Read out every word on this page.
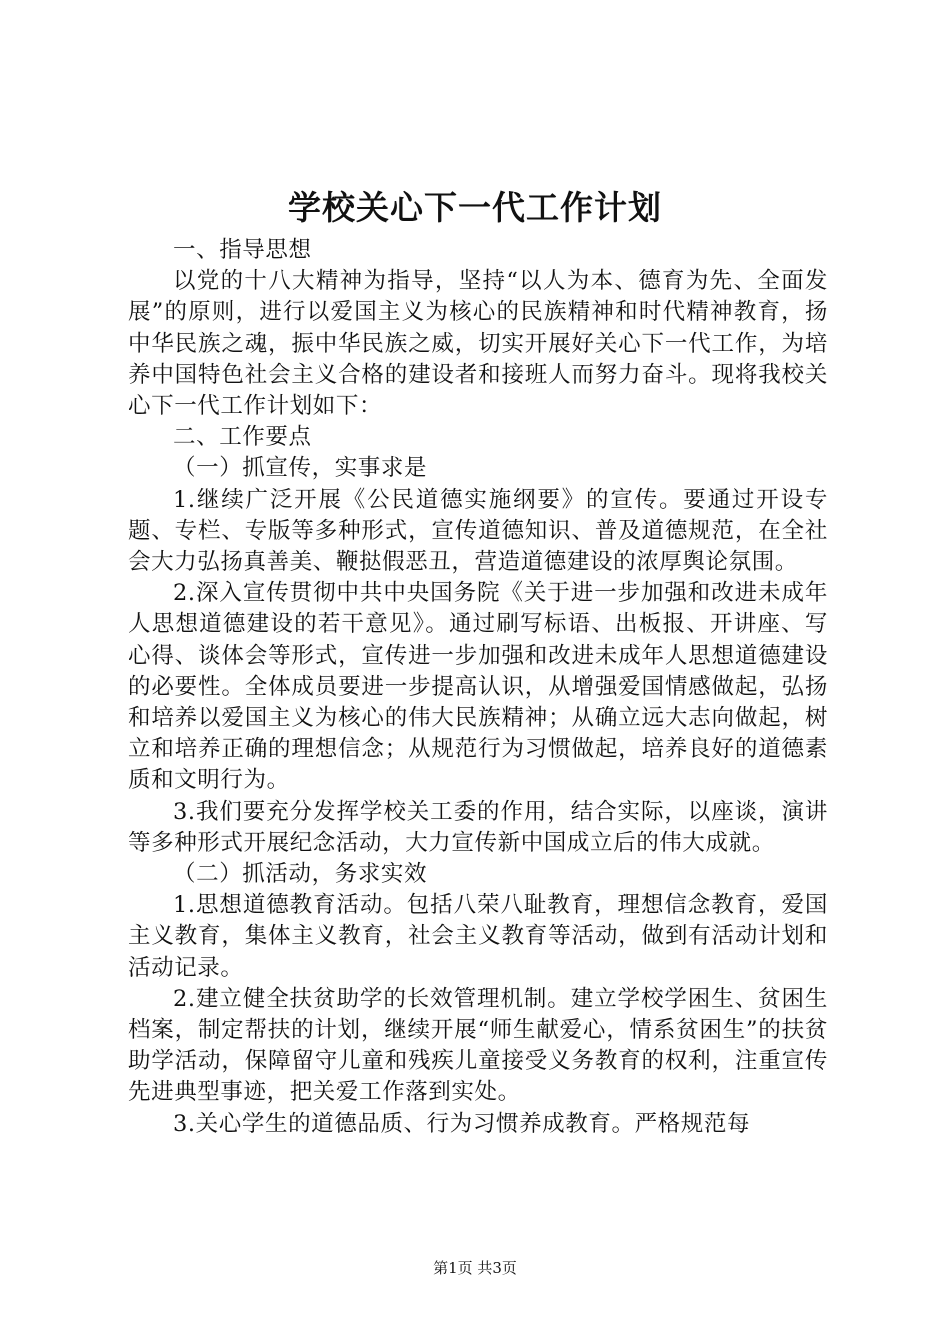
学校关心下一代工作计划

一、指导思想

以党的十八大精神为指导，坚持“以人为本、德育为先、全面发展”的原则，进行以爱国主义为核心的民族精神和时代精神教育，扬中华民族之魂，振中华民族之威，切实开展好关心下一代工作，为培养中国特色社会主义合格的建设者和接班人而努力奋斗。现将我校关心下一代工作计划如下：

二、工作要点

（一）抓宣传，实事求是

1.继续广泛开展《公民道德实施纲要》的宣传。要通过开设专题、专栏、专版等多种形式，宣传道德知识、普及道德规范，在全社会大力弘扬真善美、鞭挞假恶丑，营造道德建设的浓厚舆论氛围。

2.深入宣传贯彻中共中央国务院《关于进一步加强和改进未成年人思想道德建设的若干意见》。通过刷写标语、出板报、开讲座、写心得、谈体会等形式，宣传进一步加强和改进未成年人思想道德建设的必要性。全体成员要进一步提高认识，从增强爱国情感做起，弘扬和培养以爱国主义为核心的伟大民族精神；从确立远大志向做起，树立和培养正确的理想信念；从规范行为习惯做起，培养良好的道德素质和文明行为。

3.我们要充分发挥学校关工委的作用，结合实际，以座谈，演讲等多种形式开展纪念活动，大力宣传新中国成立后的伟大成就。

（二）抓活动，务求实效

1.思想道德教育活动。包括八荣八耻教育，理想信念教育，爱国主义教育，集体主义教育，社会主义教育等活动，做到有活动计划和活动记录。

2.建立健全扶贫助学的长效管理机制。建立学校学困生、贫困生档案，制定帮扶的计划，继续开展“师生献爱心，情系贫困生”的扶贫助学活动，保障留守儿童和残疾儿童接受义务教育的权利，注重宣传先进典型事迹，把关爱工作落到实处。

3.关心学生的道德品质、行为习惯养成教育。严格规范每

第1页 共3页
